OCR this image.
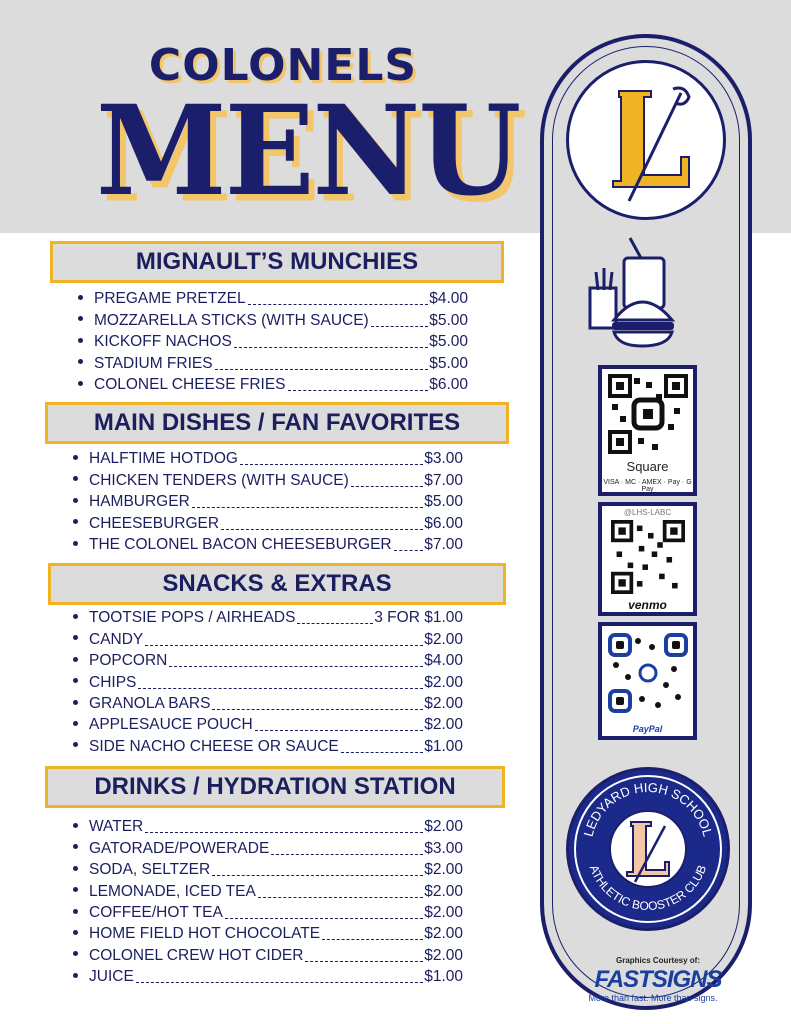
COLONELS
MENU
MIGNAULT’S MUNCHIES
PREGAME PRETZEL	$4.00
MOZZARELLA STICKS (WITH SAUCE)	$5.00
KICKOFF NACHOS	$5.00
STADIUM FRIES	$5.00
COLONEL CHEESE FRIES	$6.00
MAIN DISHES / FAN FAVORITES
HALFTIME HOTDOG	$3.00
CHICKEN TENDERS (WITH SAUCE)	$7.00
HAMBURGER	$5.00
CHEESEBURGER	$6.00
THE COLONEL BACON CHEESEBURGER $7.00
SNACKS & EXTRAS
TOOTSIE POPS / AIRHEADS	3 FOR $1.00
CANDY	$2.00
POPCORN	$4.00
CHIPS	$2.00
GRANOLA BARS	$2.00
APPLESAUCE POUCH	$2.00
SIDE NACHO CHEESE OR SAUCE	$1.00
DRINKS / HYDRATION STATION
WATER	$2.00
GATORADE/POWERADE	$3.00
SODA, SELTZER	$2.00
LEMONADE, ICED TEA	$2.00
COFFEE/HOT TEA	$2.00
HOME FIELD HOT CHOCOLATE	$2.00
COLONEL CREW HOT CIDER	$2.00
JUICE	$1.00
Square
VISA · MC · AMEX · Pay · G Pay
@LHS-LABC
venmo
PayPal
LEDYARD HIGH SCHOOL
ATHLETIC BOOSTER CLUB
Graphics Courtesy of:
FASTSIGNS
More than fast. More than signs.
